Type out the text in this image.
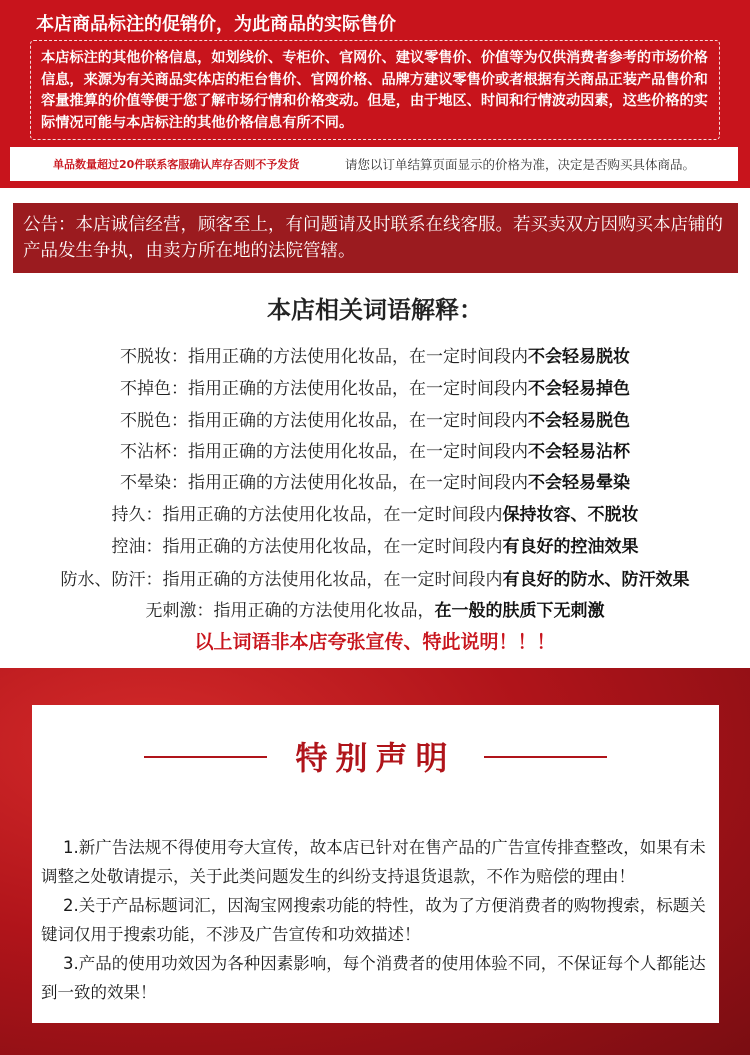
本店商品标注的促销价，为此商品的实际售价
本店标注的其他价格信息，如划线价、专柜价、官网价、建议零售价、价值等为仅供消费者参考的市场价格信息，来源为有关商品实体店的柜台售价、官网价格、品牌方建议零售价或者根据有关商品正装产品售价和容量推算的价值等便于您了解市场行情和价格变动。但是，由于地区、时间和行情波动因素，这些价格的实际情况可能与本店标注的其他价格信息有所不同。
单品数量超过20件联系客服确认库存否则不予发货	请您以订单结算页面显示的价格为准，决定是否购买具体商品。
公告：本店诚信经营，顾客至上，有问题请及时联系在线客服。若买卖双方因购买本店铺的产品发生争执，由卖方所在地的法院管辖。
本店相关词语解释：
不脱妆：指用正确的方法使用化妆品，在一定时间段内不会轻易脱妆
不掉色：指用正确的方法使用化妆品，在一定时间段内不会轻易掉色
不脱色：指用正确的方法使用化妆品，在一定时间段内不会轻易脱色
不沾杯：指用正确的方法使用化妆品，在一定时间段内不会轻易沾杯
不晕染：指用正确的方法使用化妆品，在一定时间段内不会轻易晕染
持久：指用正确的方法使用化妆品，在一定时间段内保持妆容、不脱妆
控油：指用正确的方法使用化妆品，在一定时间段内有良好的控油效果
防水、防汗：指用正确的方法使用化妆品，在一定时间段内有良好的防水、防汗效果
无刺激：指用正确的方法使用化妆品，在一般的肤质下无刺激
以上词语非本店夸张宣传、特此说明！！！
特别声明

1.新广告法规不得使用夸大宣传，故本店已针对在售产品的广告宣传排查整改，如果有未调整之处敬请提示，关于此类问题发生的纠纷支持退货退款，不作为赔偿的理由！

2.关于产品标题词汇，因淘宝网搜索功能的特性，故为了方便消费者的购物搜索，标题关键词仅用于搜索功能，不涉及广告宣传和功效描述！

3.产品的使用功效因为各种因素影响，每个消费者的使用体验不同，不保证每个人都能达到一致的效果！
